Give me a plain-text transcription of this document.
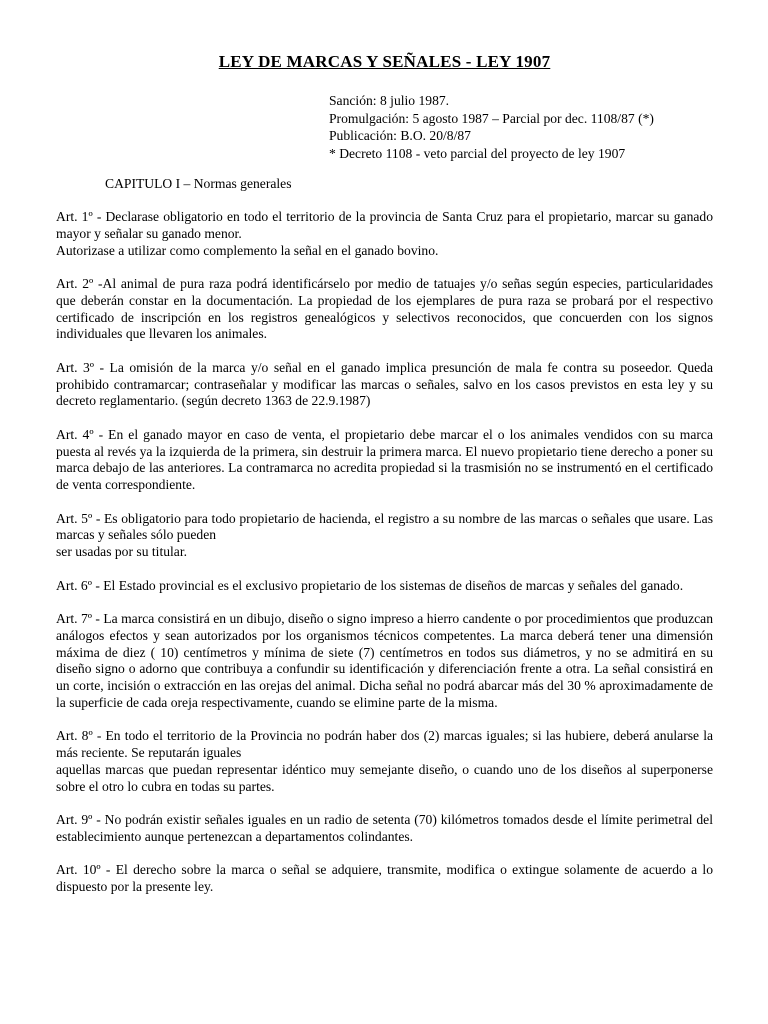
LEY DE MARCAS Y SEÑALES - LEY 1907
Sanción: 8 julio 1987.
Promulgación: 5 agosto 1987 – Parcial por dec. 1108/87 (*)
Publicación: B.O. 20/8/87
* Decreto 1108 - veto parcial del proyecto de ley 1907
CAPITULO I – Normas generales

Art. 1º - Declarase obligatorio en todo el territorio de la provincia de Santa Cruz para el propietario, marcar su ganado mayor y señalar su ganado menor.

Autorizase a utilizar como complemento la señal en el ganado bovino.

Art. 2º -Al animal de pura raza podrá identificárselo por medio de tatuajes y/o señas según especies, particularidades que deberán constar en la documentación. La propiedad de los ejemplares de pura raza se probará por el respectivo certificado de inscripción en los registros genealógicos y selectivos reconocidos, que concuerden con los signos individuales que llevaren los animales.

Art. 3º - La omisión de la marca y/o señal en el ganado implica presunción de mala fe contra su poseedor. Queda prohibido contramarcar; contraseñalar y modificar las marcas o señales, salvo en los casos previstos en esta ley y su decreto reglamentario. (según decreto 1363 de 22.9.1987)

Art. 4º - En el ganado mayor en caso de venta, el propietario debe marcar el o los animales vendidos con su marca puesta al revés ya la izquierda de la primera, sin destruir la primera marca. El nuevo propietario tiene derecho a poner su marca debajo de las anteriores. La contramarca no acredita propiedad si la trasmisión no se instrumentó en el certificado de venta correspondiente.

Art. 5º - Es obligatorio para todo propietario de hacienda, el registro a su nombre de las marcas o señales que usare. Las marcas y señales sólo pueden

ser usadas por su titular.

Art. 6º - El Estado provincial es el exclusivo propietario de los sistemas de diseños de marcas y señales del ganado.

Art. 7º - La marca consistirá en un dibujo, diseño o signo impreso a hierro candente o por procedimientos que produzcan análogos efectos y sean autorizados por los organismos técnicos competentes. La marca deberá tener una dimensión máxima de diez ( 10) centímetros y mínima de siete (7) centímetros en todos sus diámetros, y no se admitirá en su diseño signo o adorno que contribuya a confundir su identificación y diferenciación frente a otra. La señal consistirá en un corte, incisión o extracción en las orejas del animal. Dicha señal no podrá abarcar más del 30 % aproximadamente de la superficie de cada oreja respectivamente, cuando se elimine parte de la misma.

Art. 8º - En todo el territorio de la Provincia no podrán haber dos (2) marcas iguales; si las hubiere, deberá anularse la más reciente. Se reputarán iguales

aquellas marcas que puedan representar idéntico muy semejante diseño, o cuando uno de los diseños al superponerse sobre el otro lo cubra en todas su partes.

Art. 9º - No podrán existir señales iguales en un radio de setenta (70) kilómetros tomados desde el límite perimetral del establecimiento aunque pertenezcan a departamentos colindantes.

Art. 10º - El derecho sobre la marca o señal se adquiere, transmite, modifica o extingue solamente de acuerdo a lo dispuesto por la presente ley.
